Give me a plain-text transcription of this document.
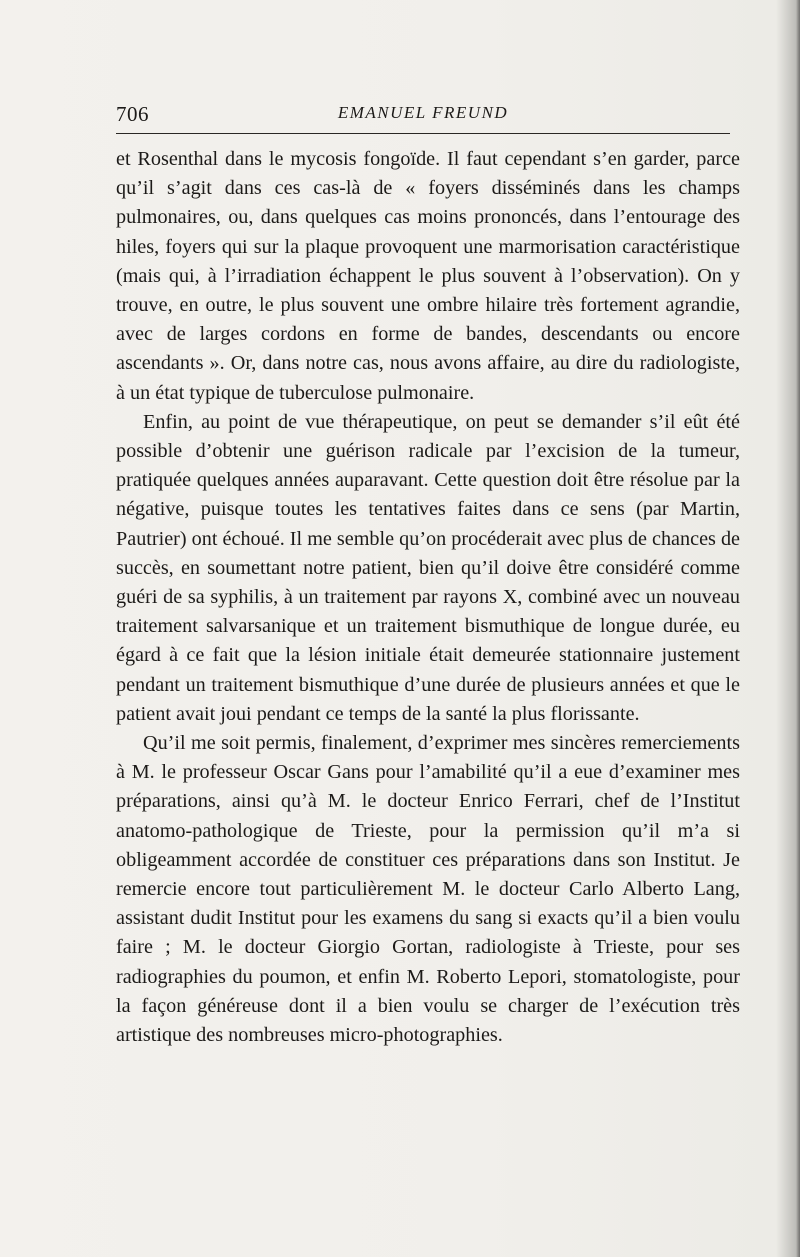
706	EMANUEL FREUND

et Rosenthal dans le mycosis fongoïde. Il faut cependant s’en garder, parce qu’il s’agit dans ces cas-là de « foyers disséminés dans les champs pulmonaires, ou, dans quelques cas moins prononcés, dans l’entourage des hiles, foyers qui sur la plaque provoquent une marmorisation caractéristique (mais qui, à l’irradiation échappent le plus souvent à l’observation). On y trouve, en outre, le plus souvent une ombre hilaire très fortement agrandie, avec de larges cordons en forme de bandes, descendants ou encore ascendants ». Or, dans notre cas, nous avons affaire, au dire du radiologiste, à un état typique de tuberculose pulmonaire.

Enfin, au point de vue thérapeutique, on peut se demander s’il eût été possible d’obtenir une guérison radicale par l’excision de la tumeur, pratiquée quelques années auparavant. Cette question doit être résolue par la négative, puisque toutes les tentatives faites dans ce sens (par Martin, Pautrier) ont échoué. Il me semble qu’on procéderait avec plus de chances de succès, en soumettant notre patient, bien qu’il doive être considéré comme guéri de sa syphilis, à un traitement par rayons X, combiné avec un nouveau traitement salvarsanique et un traitement bismuthique de longue durée, eu égard à ce fait que la lésion initiale était demeurée stationnaire justement pendant un traitement bismuthique d’une durée de plusieurs années et que le patient avait joui pendant ce temps de la santé la plus florissante.

Qu’il me soit permis, finalement, d’exprimer mes sincères remerciements à M. le professeur Oscar Gans pour l’amabilité qu’il a eue d’examiner mes préparations, ainsi qu’à M. le docteur Enrico Ferrari, chef de l’Institut anatomo-pathologique de Trieste, pour la permission qu’il m’a si obligeamment accordée de constituer ces préparations dans son Institut. Je remercie encore tout particulièrement M. le docteur Carlo Alberto Lang, assistant dudit Institut pour les examens du sang si exacts qu’il a bien voulu faire ; M. le docteur Giorgio Gortan, radiologiste à Trieste, pour ses radiographies du poumon, et enfin M. Roberto Lepori, stomatologiste, pour la façon généreuse dont il a bien voulu se charger de l’exécution très artistique des nombreuses micro-photographies.
